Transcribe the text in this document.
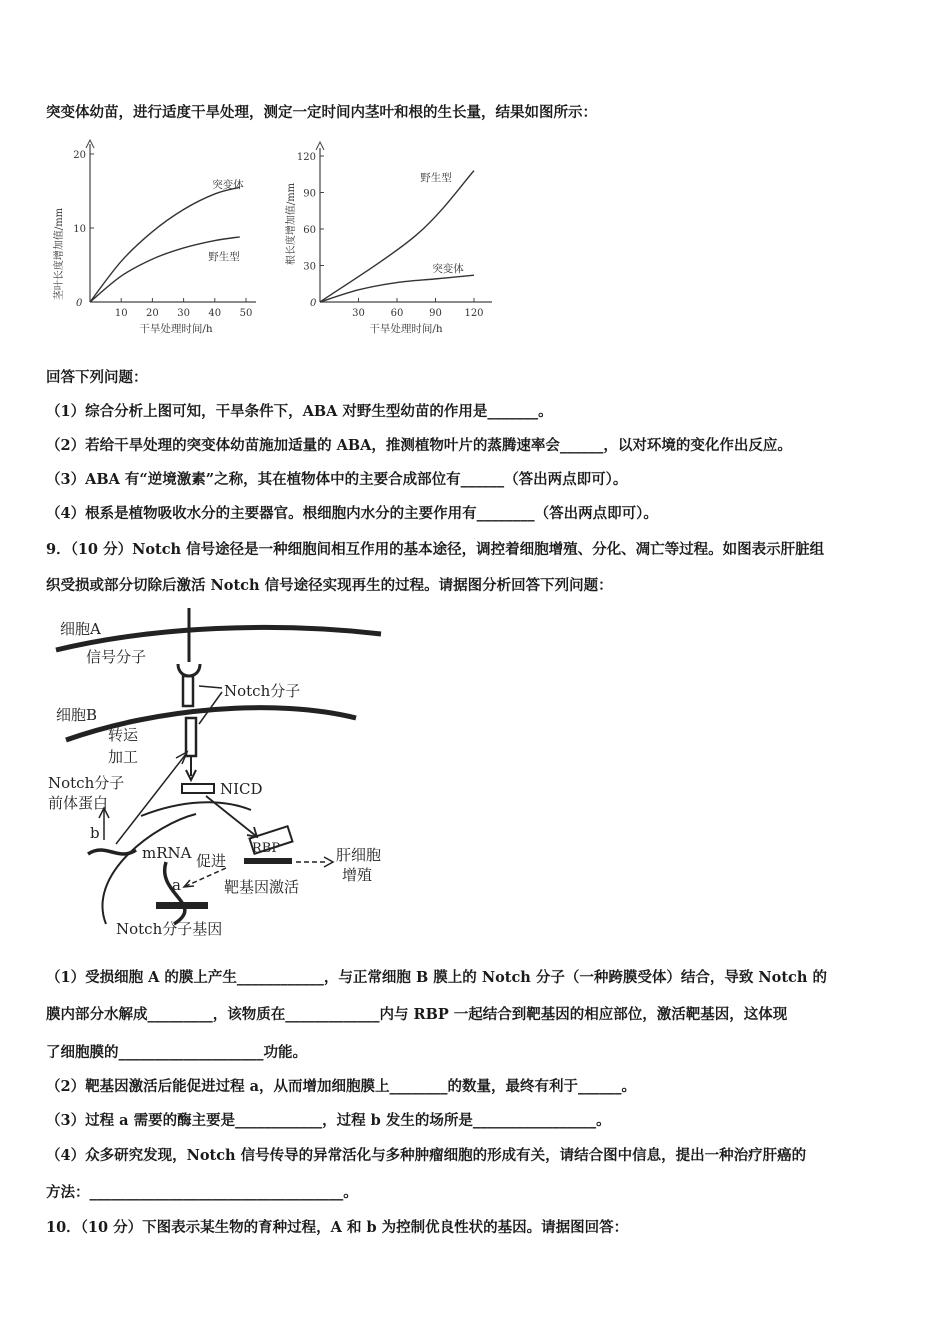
突变体幼苗，进行适度干旱处理，测定一定时间内茎叶和根的生长量，结果如图所示：
0
茎叶长度增加值/mm
干旱处理时间/h
突变体
野生型
10 20 30 40 50
10
20
0
根长度增加值/mm
干旱处理时间/h
野生型
突变体
30	60	90 120
30
60
90
120
回答下列问题：
（1）综合分析上图可知，干旱条件下，ABA 对野生型幼苗的作用是_______。
（2）若给干旱处理的突变体幼苗施加适量的 ABA，推测植物叶片的蒸腾速率会______，以对环境的变化作出反应。
（3）ABA 有“逆境激素”之称，其在植物体中的主要合成部位有______（答出两点即可）。
（4）根系是植物吸收水分的主要器官。根细胞内水分的主要作用有________（答出两点即可）。
9．（10 分）Notch 信号途径是一种细胞间相互作用的基本途径，调控着细胞增殖、分化、凋亡等过程。如图表示肝脏组
织受损或部分切除后激活 Notch 信号途径实现再生的过程。请据图分析回答下列问题：
细胞A
信号分子
Notch分子
细胞B
转运
加工
NICD
Notch分子
前体蛋白
b
mRNA 促进
RBP	肝细胞
增殖
靶基因激活
a
Notch分子基因
（1）受损细胞 A 的膜上产生____________，与正常细胞 B 膜上的 Notch 分子（一种跨膜受体）结合，导致 Notch 的
膜内部分水解成_________，该物质在_____________内与 RBP 一起结合到靶基因的相应部位，激活靶基因，这体现
了细胞膜的____________________功能。
（2）靶基因激活后能促进过程 a，从而增加细胞膜上________的数量，最终有利于______。
（3）过程 a 需要的酶主要是____________，过程 b 发生的场所是_________________。
（4）众多研究发现，Notch 信号传导的异常活化与多种肿瘤细胞的形成有关，请结合图中信息，提出一种治疗肝癌的
方法：___________________________________。
10．（10 分）下图表示某生物的育种过程，A 和 b 为控制优良性状的基因。请据图回答：
